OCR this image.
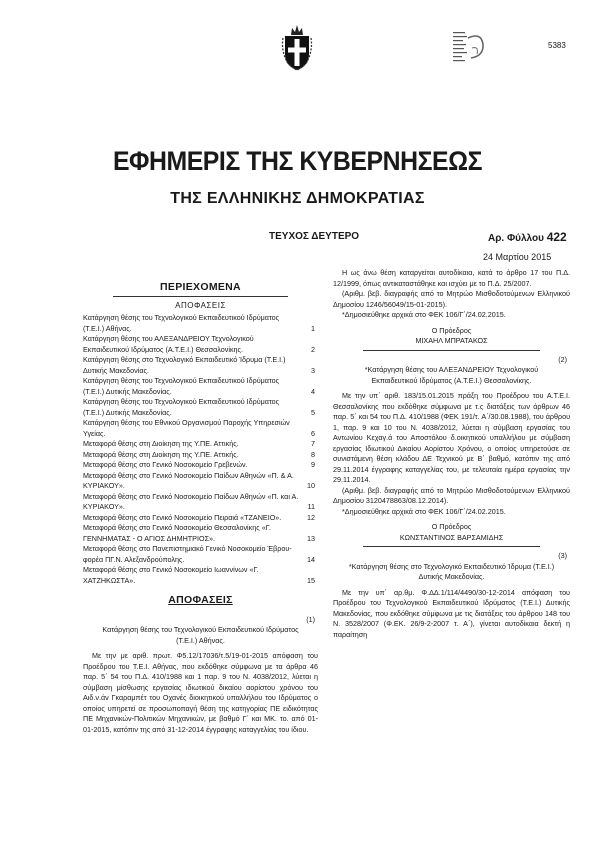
5383
ΕΦΗΜΕΡΙΣ ΤΗΣ ΚΥΒΕΡΝΗΣΕΩΣ
ΤΗΣ ΕΛΛΗΝΙΚΗΣ ΔΗΜΟΚΡΑΤΙΑΣ
ΤΕΥΧΟΣ ΔΕΥΤΕΡΟ	Αρ. Φύλλου 422
24 Μαρτίου 2015
ΠΕΡΙΕΧΟΜΕΝΑ
ΑΠΟΦΑΣΕΙΣ
Κατάργηση θέσης του Τεχνολογικού Εκπαιδευτικού Ιδρύματος (Τ.Ε.Ι.) Αθήνας.	1
Κατάργηση θέσης του ΑΛΕΞΑΝΔΡΕΙΟΥ Τεχνολογικού Εκπαιδευτικού Ιδρύματος (Α.Τ.Ε.Ι.) Θεσσαλονίκης.	2
Κατάργηση θέσης στο Τεχνολογικό Εκπαιδευτικό Ίδρυμα (Τ.Ε.Ι.) Δυτικής Μακεδονίας.	3
Κατάργηση θέσης του Τεχνολογικού Εκπαιδευτικού Ιδρύματος (Τ.Ε.Ι.) Δυτικής Μακεδονίας.	4
Κατάργηση θέσης του Τεχνολογικού Εκπαιδευτικού Ιδρύματος (Τ.Ε.Ι.) Δυτικής Μακεδονίας.	5
Κατάργηση θέσης του Εθνικού Οργανισμού Παροχής Υπηρεσιών Υγείας.	6
Μεταφορά θέσης στη Διοίκηση της Υ.ΠΕ. Αττικής.	7
Μεταφορά θέσης στη Διοίκηση της Υ.ΠΕ. Αττικής.	8
Μεταφορά θέσης στο Γενικό Νοσοκομείο Γρεβενών.	9
Μεταφορά θέσης στο Γενικό Νοσοκομείο Παίδων Αθηνών «Π. & Α. ΚΥΡΙΑΚΟΥ».	10
Μεταφορά θέσης στο Γενικό Νοσοκομείο Παίδων Αθηνών «Π. και Α. ΚΥΡΙΑΚΟΥ».	11
Μεταφορά θέσης στο Γενικό Νοσοκομείο Πειραιά «ΤΖΑΝΕΙΟ».	12
Μεταφορά θέσης στο Γενικό Νοσοκομείο Θεσσαλονίκης «Γ. ΓΕΝΝΗΜΑΤΑΣ - Ο ΑΓΙΟΣ ΔΗΜΗΤΡΙΟΣ».	13
Μεταφορά θέσης στο Πανεπιστημιακό Γενικό Νοσοκομείο Έβρου-φορέα ΠΓ.Ν. Αλεξανδρούπολης.	14
Μεταφορά θέσης στο Γενικό Νοσοκομείο Ιωαννίνων «Γ. ΧΑΤΖΗΚΩΣΤΑ».	15
ΑΠΟΦΑΣΕΙΣ
(1)
Κατάργηση θέσης του Τεχνολογικού Εκπαιδευτικού Ιδρύματος (Τ.Ε.Ι.) Αθήνας.
Με την με αριθ. πρωτ. Φ5.12/17036/τ.5/19-01-2015 απόφαση του Προέδρου του Τ.Ε.Ι. Αθήνας, που εκδόθηκε σύμφωνα με τα άρθρα 46 παρ. 5΄ 54 του Π.Δ. 410/1988 και 1 παρ. 9 του Ν. 4038/2012, λύεται η σύμβαση μίσθωσης εργασίας ιδιωτικού δικαίου αορίστου χρόνου του Αιδ.ν.άν Γκαραμπέτ του Οχανές διοικητικού υπαλλήλου του Ιδρύματος ο οποίος υπηρετεί σε προσωποπαγή θέση της κατηγορίας ΠΕ ειδικότητας ΠΕ Μηχανικών-Πολιτικών Μηχανικών, με βαθμό Γ΄ και ΜΚ. το. από 01-01-2015, κατόπιν της από 31-12-2014 έγγραφης καταγγελίας του ίδιου.
Η ως άνω θέση καταργείται αυτοδίκαια, κατά το άρθρο 17 του Π.Δ. 12/1999, όπως αντικαταστάθηκε και ισχύει με το Π.Δ. 25/2007.
(Αριθμ. βεβ. διαγραφής από το Μητρώο Μισθοδοτούμενων Ελληνικού Δημοσίου 1246/56049/15-01-2015).
*Δημοσιεύθηκε αρχικά στο ΦΕΚ 106/Γ΄/24.02.2015.
Ο Πρόεδρος
ΜΙΧΑΗΛ ΜΠΡΑΤΑΚΟΣ
(2)
*Κατάργηση θέσης του ΑΛΕΞΑΝΔΡΕΙΟΥ Τεχνολογικού Εκπαιδευτικού Ιδρύματος (Α.Τ.Ε.Ι.) Θεσσαλονίκης.
Με την υπ΄ αριθ. 183/15.01.2015 πράξη του Προέδρου του Α.Τ.Ε.Ι. Θεσσαλονίκης που εκδόθηκε σύμφωνα με τ.ς διατάξεις των άρθρων 46 παρ. 5΄ και 54 του Π.Δ. 410/1988 (ΦΕΚ 191/τ. Α΄/30.08.1988), του άρθρου 1, παρ. 9 και 10 του Ν. 4038/2012, λύεται η σύμβαση εργασίας του Αντωνίου Κεχαγ.ά του Αποστόλου δ.οικητικού υπαλλήλου με σύμβαση εργασίας Ιδιωτικού Δικαίου Αορίστου Χρόνου, ο οποίος υπηρετούσε σε συνιστάμενη θέση κλάδου ΔΕ Τεχνικού με Β΄ βαθμό, κατόπιν της από 29.11.2014 έγγραφης καταγγελίας του, με τελευταία ημέρα εργασίας την 29.11.2014.
(Αριθμ. βεβ. διαγραφής από το Μητρώο Μισθοδοτούμενων Ελληνικού Δημοσίου 3120478863/08.12.2014).
*Δημοσιεύθηκε αρχικά στο ΦΕΚ 106/Γ΄/24.02.2015.
Ο Πρόεδρος
ΚΩΝΣΤΑΝΤΙΝΟΣ ΒΑΡΣΑΜΙΔΗΣ
(3)
*Κατάργηση θέσης στο Τεχνολογικό Εκπαιδευτικό Ίδρυμα (Τ.Ε.Ι.) Δυτικής Μακεδονίας.
Με την υπ΄ αρ.θμ. Φ.ΔΔ.1/114/4490/30-12-2014 απόφαση του Προέδρου του Τεχνολογικού Εκπαιδευτικού Ιδρύματος (Τ.Ε.Ι.) Δυτικής Μακεδονίας, που εκδόθηκε σύμφωνα με τις διατάξεις του άρθρου 148 του Ν. 3528/2007 (Φ.ΕΚ. 26/9-2-2007 τ. Α΄), γίνεται αυτοδίκαια δεκτή η παραίτηση
